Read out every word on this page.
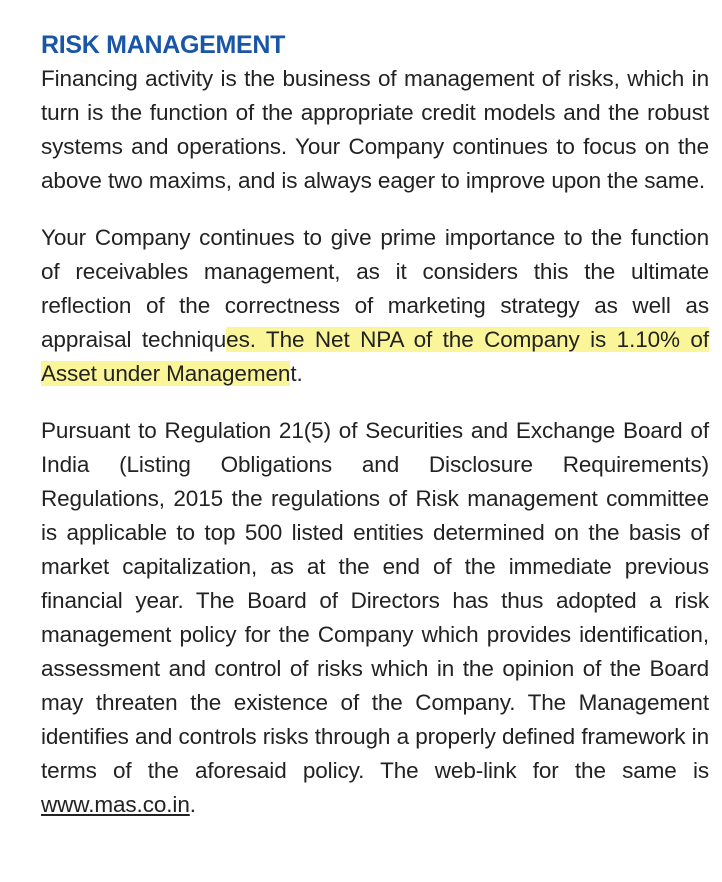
RISK MANAGEMENT

Financing activity is the business of management of risks, which in turn is the function of the appropriate credit models and the robust systems and operations. Your Company continues to focus on the above two maxims, and is always eager to improve upon the same.

Your Company continues to give prime importance to the function of receivables management, as it considers this the ultimate reflection of the correctness of marketing strategy as well as appraisal techniques. The Net NPA of the Company is 1.10% of Asset under Management.

Pursuant to Regulation 21(5) of Securities and Exchange Board of India (Listing Obligations and Disclosure Requirements) Regulations, 2015 the regulations of Risk management committee is applicable to top 500 listed entities determined on the basis of market capitalization, as at the end of the immediate previous financial year. The Board of Directors has thus adopted a risk management policy for the Company which provides identification, assessment and control of risks which in the opinion of the Board may threaten the existence of the Company. The Management identifies and controls risks through a properly defined framework in terms of the aforesaid policy. The web-link for the same is www.mas.co.in.
